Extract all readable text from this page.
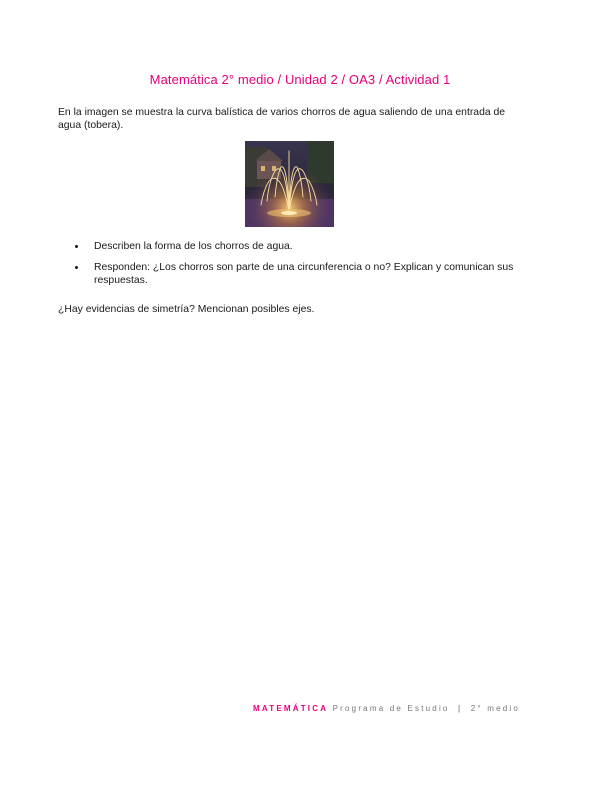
Matemática 2° medio / Unidad 2 / OA3 / Actividad 1
En la imagen se muestra la curva balística de varios chorros de agua saliendo de una entrada de agua (tobera).
Describen la forma de los chorros de agua.
Responden: ¿Los chorros son parte de una circunferencia o no? Explican y comunican sus respuestas.
¿Hay evidencias de simetría? Mencionan posibles ejes.
MATEMÁTICA Programa de Estudio | 2° medio
